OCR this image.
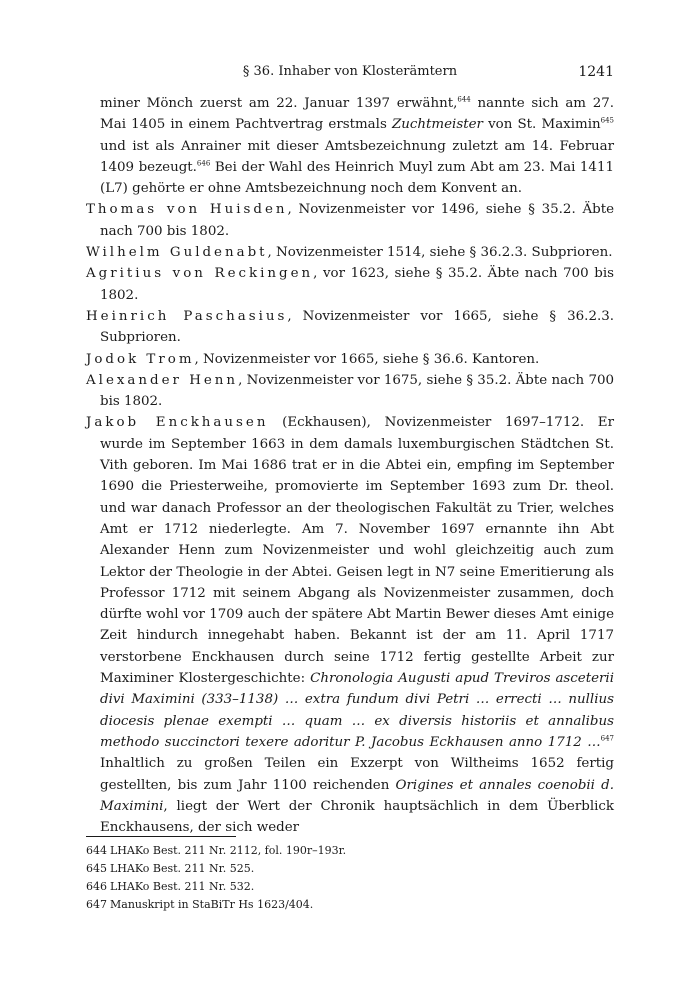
§ 36. Inhaber von Klosterämtern	1241

miner Mönch zuerst am 22. Januar 1397 erwähnt,$^{644}$ nannte sich am 27. Mai 1405 in einem Pachtvertrag erstmals Zuchtmeister von St. Maximin$^{645}$ und ist als Anrainer mit dieser Amtsbezeichnung zuletzt am 14. Februar 1409 bezeugt.$^{646}$ Bei der Wahl des Heinrich Muyl zum Abt am 23. Mai 1411 (L7) gehörte er ohne Amtsbezeichnung noch dem Konvent an.

Thomas von Huisden, Novizenmeister vor 1496, siehe § 35.2. Äbte nach 700 bis 1802.

Wilhelm Guldenabt, Novizenmeister 1514, siehe § 36.2.3. Subprioren.

Agritius von Reckingen, vor 1623, siehe § 35.2. Äbte nach 700 bis 1802.

Heinrich Paschasius, Novizenmeister vor 1665, siehe § 36.2.3. Subprioren.

Jodok Trom, Novizenmeister vor 1665, siehe § 36.6. Kantoren.

Alexander Henn, Novizenmeister vor 1675, siehe § 35.2. Äbte nach 700 bis 1802.

Jakob Enckhausen (Eckhausen), Novizenmeister 1697–1712. Er wurde im September 1663 in dem damals luxemburgischen Städtchen St. Vith geboren. Im Mai 1686 trat er in die Abtei ein, empfing im September 1690 die Priesterweihe, promovierte im September 1693 zum Dr. theol. und war danach Professor an der theologischen Fakultät zu Trier, welches Amt er 1712 niederlegte. Am 7. November 1697 ernannte ihn Abt Alexander Henn zum Novizenmeister und wohl gleichzeitig auch zum Lektor der Theologie in der Abtei. Geisen legt in N7 seine Emeritierung als Professor 1712 mit seinem Abgang als Novizenmeister zusammen, doch dürfte wohl vor 1709 auch der spätere Abt Martin Bewer dieses Amt einige Zeit hindurch innegehabt haben. Bekannt ist der am 11. April 1717 verstorbene Enckhausen durch seine 1712 fertig gestellte Arbeit zur Maximiner Klostergeschichte: Chronologia Augusti apud Treviros asceterii divi Maximini (333–1138) … extra fundum divi Petri … errecti … nullius diocesis plenae exempti … quam … ex diversis historiis et annalibus methodo succinctori texere adoritur P. Jacobus Eckhausen anno 1712 …$^{647}$ Inhaltlich zu großen Teilen ein Exzerpt von Wiltheims 1652 fertig gestellten, bis zum Jahr 1100 reichenden Origines et annales coenobii d. Maximini, liegt der Wert der Chronik hauptsächlich in dem Überblick Enckhausens, der sich weder

644 LHAKo Best. 211 Nr. 2112, fol. 190r–193r.

645 LHAKo Best. 211 Nr. 525.

646 LHAKo Best. 211 Nr. 532.

647 Manuskript in StaBiTr Hs 1623/404.
